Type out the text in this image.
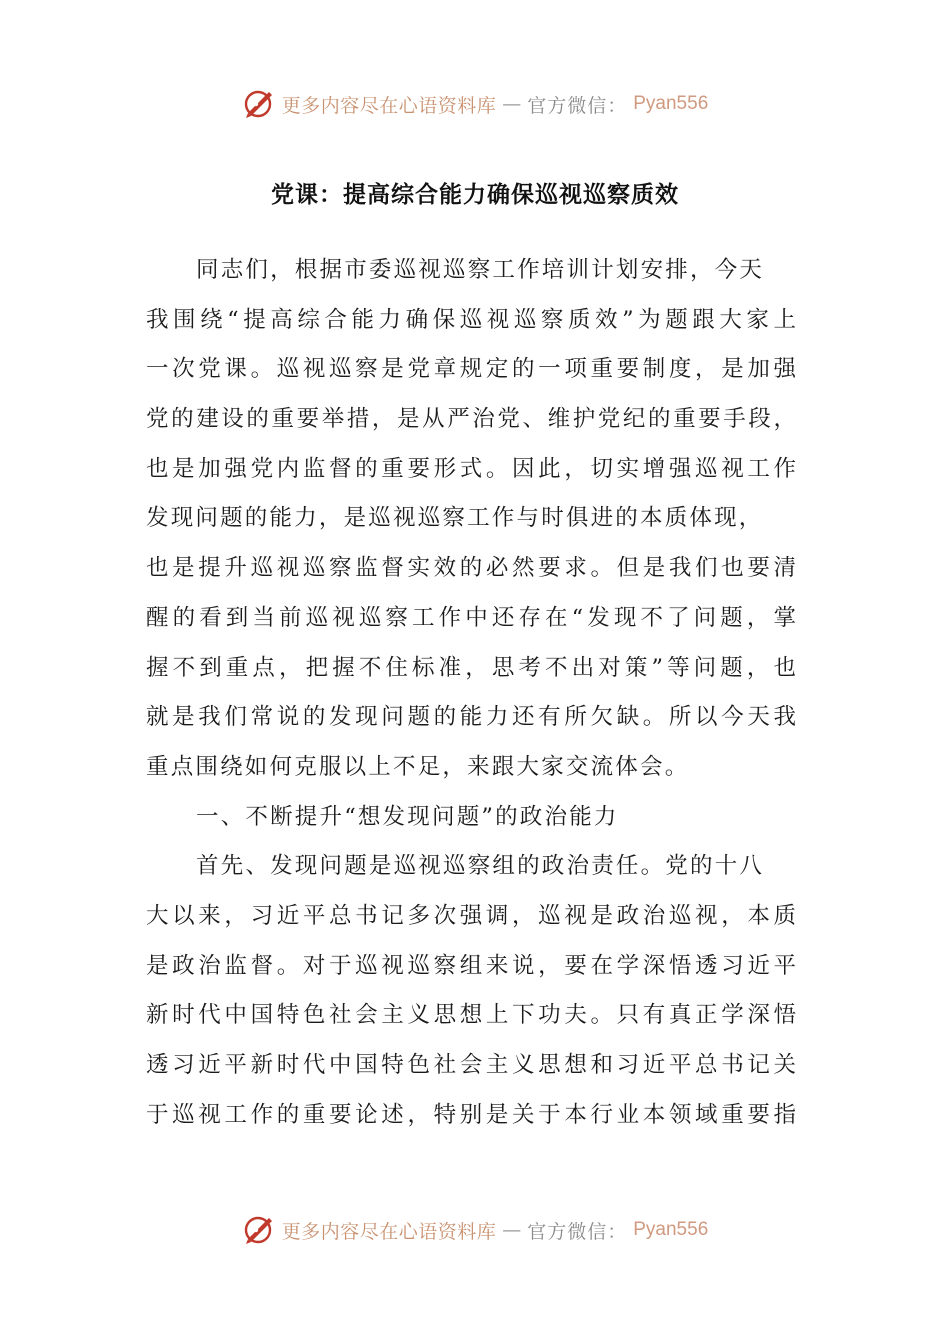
更多内容尽在心语资料库 — 官方微信： Pyan556
党课：提高综合能力确保巡视巡察质效
同志们，根据市委巡视巡察工作培训计划安排，今天
我围绕“提高综合能力确保巡视巡察质效”为题跟大家上
一次党课。巡视巡察是党章规定的一项重要制度，是加强
党的建设的重要举措，是从严治党、维护党纪的重要手段，
也是加强党内监督的重要形式。因此，切实增强巡视工作
发现问题的能力，是巡视巡察工作与时俱进的本质体现，
也是提升巡视巡察监督实效的必然要求。但是我们也要清
醒的看到当前巡视巡察工作中还存在“发现不了问题，掌
握不到重点，把握不住标准，思考不出对策”等问题，也
就是我们常说的发现问题的能力还有所欠缺。所以今天我
重点围绕如何克服以上不足，来跟大家交流体会。
一、不断提升“想发现问题”的政治能力
首先、发现问题是巡视巡察组的政治责任。党的十八
大以来，习近平总书记多次强调，巡视是政治巡视，本质
是政治监督。对于巡视巡察组来说，要在学深悟透习近平
新时代中国特色社会主义思想上下功夫。只有真正学深悟
透习近平新时代中国特色社会主义思想和习近平总书记关
于巡视工作的重要论述，特别是关于本行业本领域重要指
更多内容尽在心语资料库 — 官方微信： Pyan556
